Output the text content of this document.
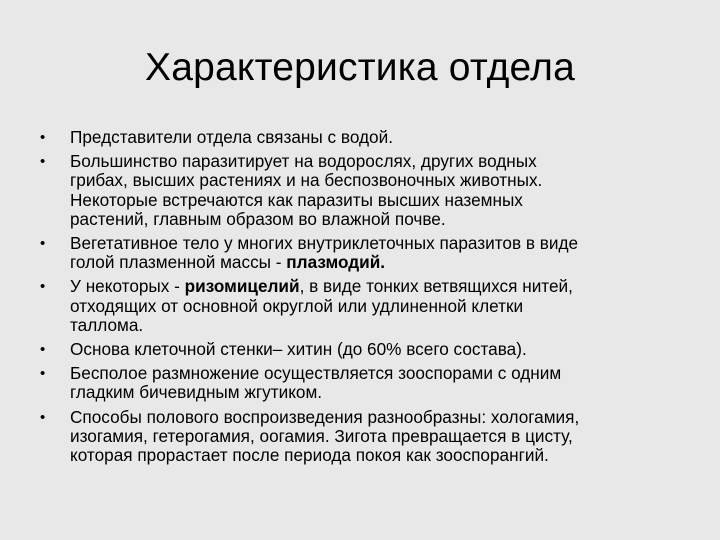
Характеристика отдела
• Представители отдела связаны с водой.
• Большинство паразитирует на водорослях, других водных
грибах, высших растениях и на беспозвоночных животных.
Некоторые встречаются как паразиты высших наземных
растений, главным образом во влажной почве.
• Вегетативное тело у многих внутриклеточных паразитов в виде
голой плазменной массы - плазмодий.
• У некоторых - ризомицелий, в виде тонких ветвящихся нитей,
отходящих от основной округлой или удлиненной клетки
таллома.
• Основа клеточной стенки– хитин (до 60% всего состава).
• Бесполое размножение осуществляется зооспорами с одним
гладким бичевидным жгутиком.
• Способы полового воспроизведения разнообразны: хологамия,
изогамия, гетерогамия, оогамия. Зигота превращается в цисту,
которая прорастает после периода покоя как зооспорангий.
